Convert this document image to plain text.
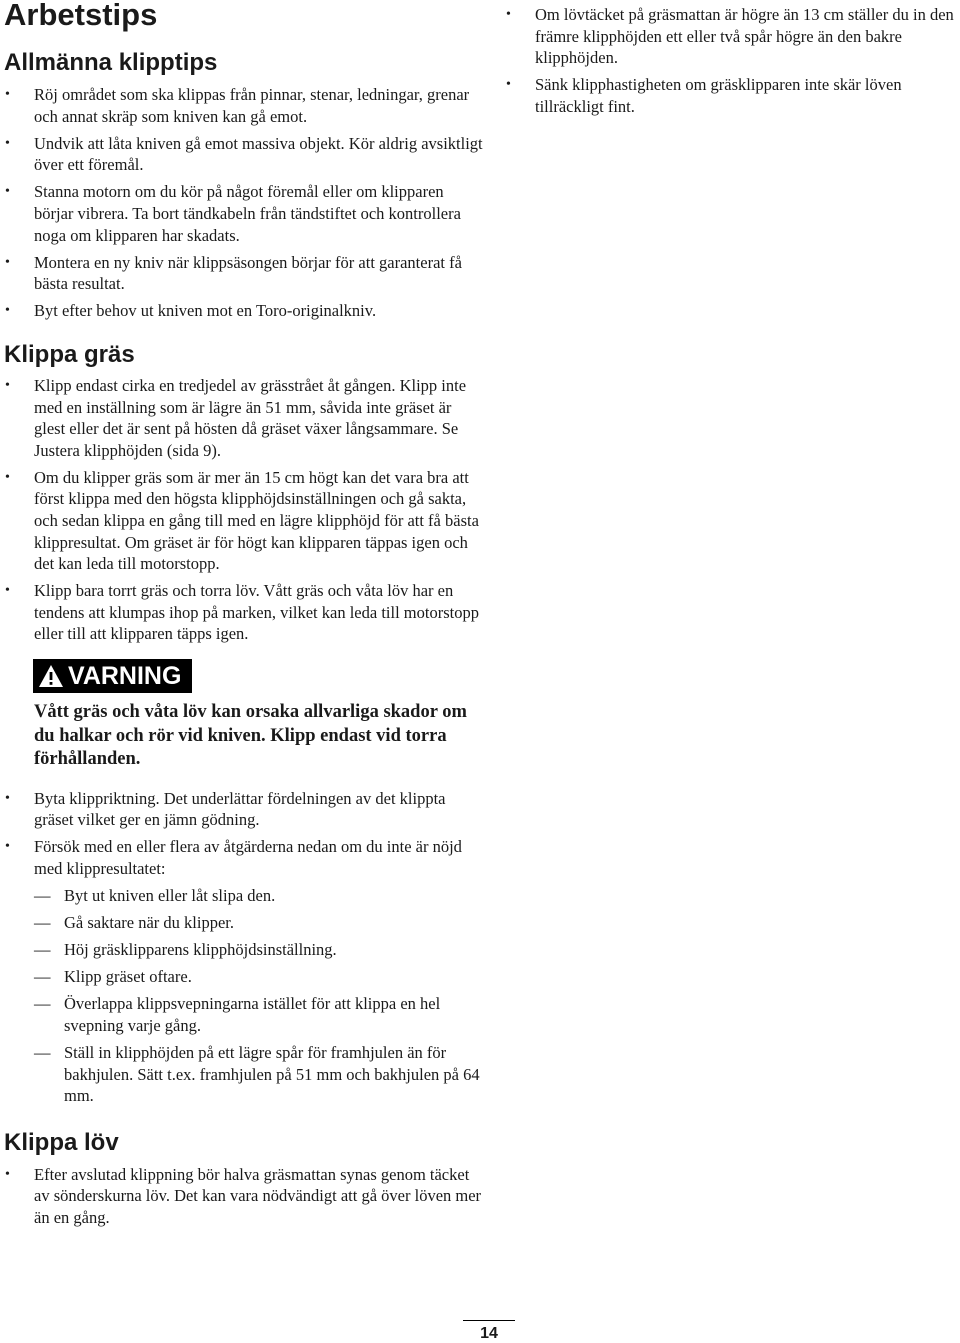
Arbetstips
Allmänna klipptips
• Röj området som ska klippas från pinnar, stenar, ledningar, grenar och annat skräp som kniven kan gå emot.
• Undvik att låta kniven gå emot massiva objekt. Kör aldrig avsiktligt över ett föremål.
• Stanna motorn om du kör på något föremål eller om klipparen börjar vibrera. Ta bort tändkabeln från tändstiftet och kontrollera noga om klipparen har skadats.
• Montera en ny kniv när klippsäsongen börjar för att garanterat få bästa resultat.
• Byt efter behov ut kniven mot en Toro-originalkniv.
Klippa gräs
• Klipp endast cirka en tredjedel av grässtrået åt gången. Klipp inte med en inställning som är lägre än 51 mm, såvida inte gräset är glest eller det är sent på hösten då gräset växer långsammare. Se Justera klipphöjden (sida 9).
• Om du klipper gräs som är mer än 15 cm högt kan det vara bra att först klippa med den högsta klipphöjdsinställningen och gå sakta, och sedan klippa en gång till med en lägre klipphöjd för att få bästa klippresultat. Om gräset är för högt kan klipparen täppas igen och det kan leda till motorstopp.
• Klipp bara torrt gräs och torra löv. Vått gräs och våta löv har en tendens att klumpas ihop på marken, vilket kan leda till motorstopp eller till att klipparen täpps igen.
VARNING

Vått gräs och våta löv kan orsaka allvarliga skador om du halkar och rör vid kniven. Klipp endast vid torra förhållanden.

• Byta klippriktning. Det underlättar fördelningen av det klippta gräset vilket ger en jämn gödning.
• Försök med en eller flera av åtgärderna nedan om du inte är nöjd med klippresultatet:
— Byt ut kniven eller låt slipa den.
— Gå saktare när du klipper.
— Höj gräsklipparens klipphöjdsinställning.
— Klipp gräset oftare.
— Överlappa klippsvepningarna istället för att klippa en hel svepning varje gång.
— Ställ in klipphöjden på ett lägre spår för framhjulen än för bakhjulen. Sätt t.ex. framhjulen på 51 mm och bakhjulen på 64 mm.
Klippa löv
• Efter avslutad klippning bör halva gräsmattan synas genom täcket av sönderskurna löv. Det kan vara nödvändigt att gå över löven mer än en gång.
• Om lövtäcket på gräsmattan är högre än 13 cm ställer du in den främre klipphöjden ett eller två spår högre än den bakre klipphöjden.
• Sänk klipphastigheten om gräsklipparen inte skär löven tillräckligt fint.
14
